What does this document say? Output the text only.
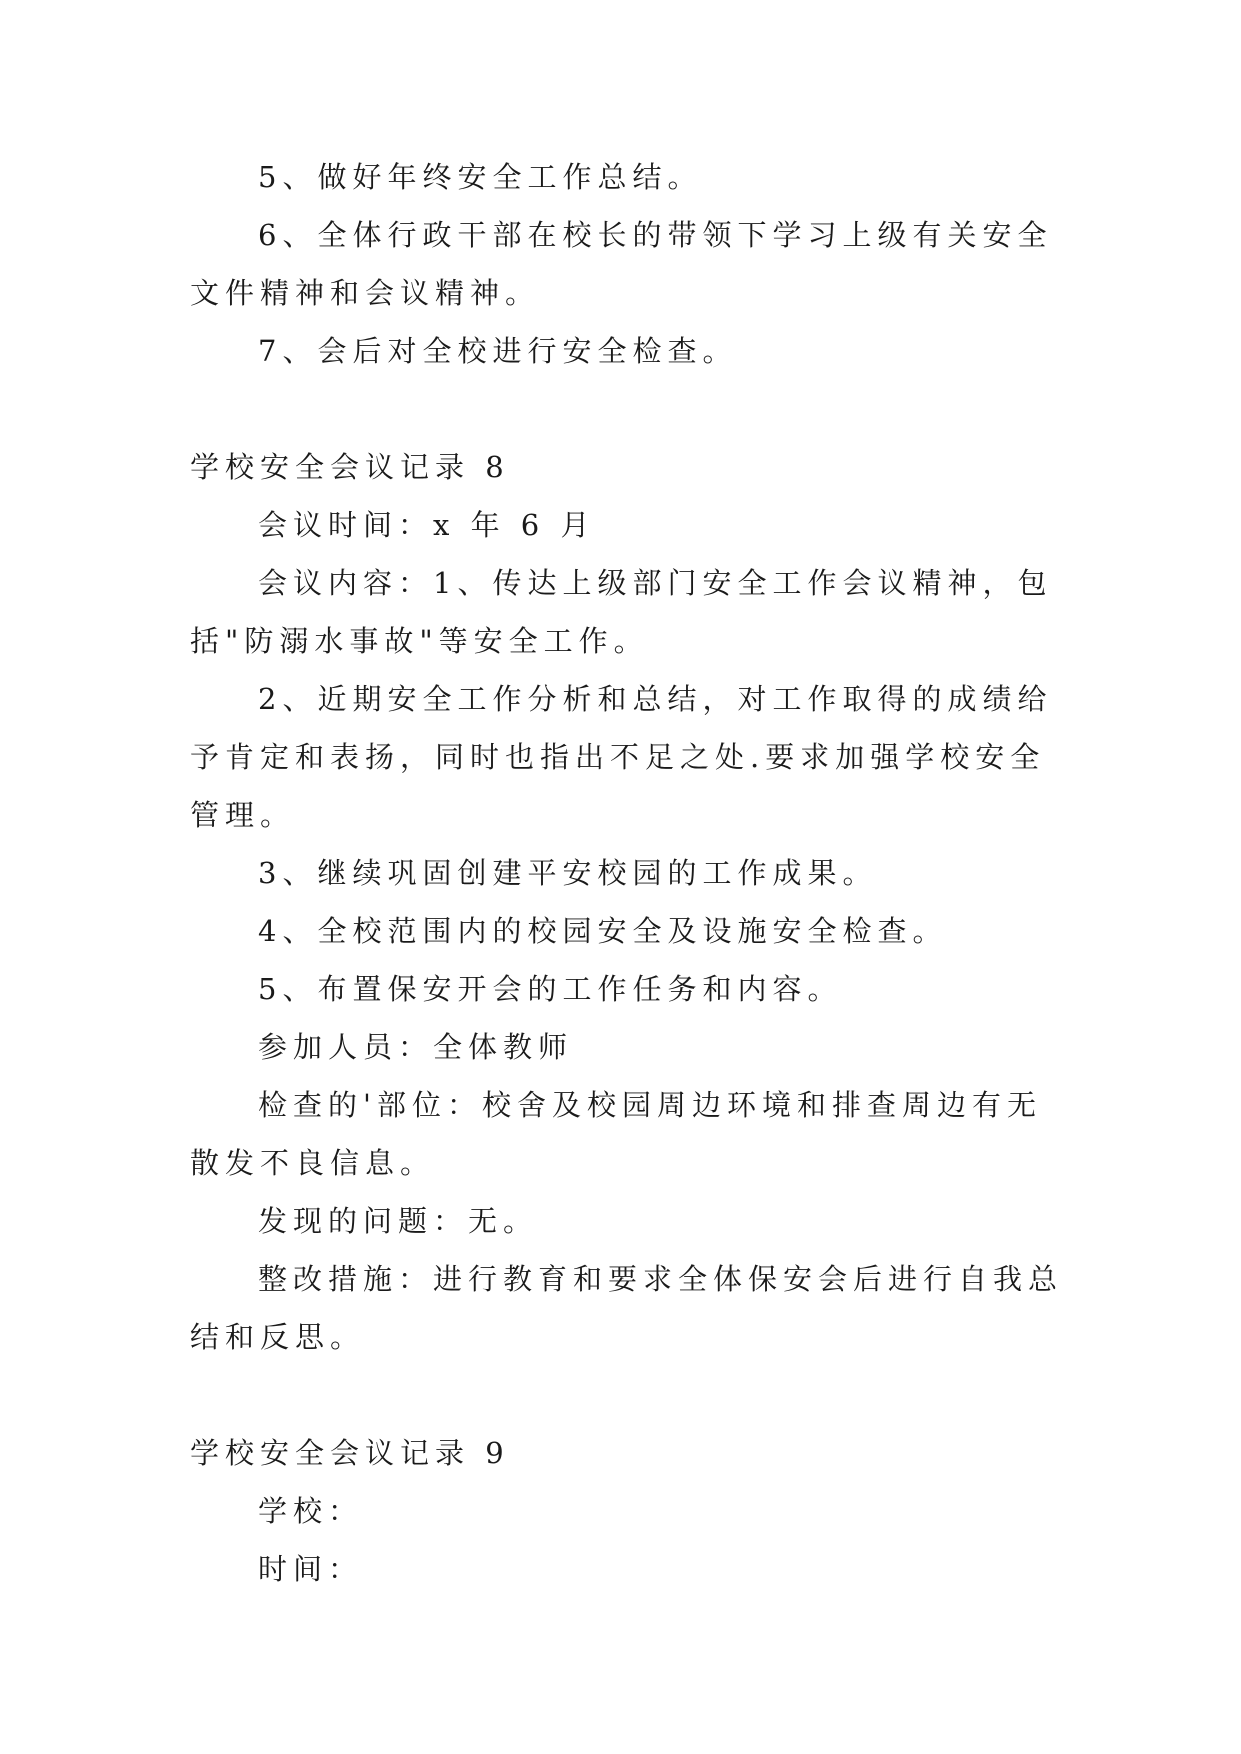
5、做好年终安全工作总结。

6、全体行政干部在校长的带领下学习上级有关安全文件精神和会议精神。

7、会后对全校进行安全检查。

学校安全会议记录 8

会议时间：x 年 6 月

会议内容：1、传达上级部门安全工作会议精神，包括"防溺水事故"等安全工作。

2、近期安全工作分析和总结，对工作取得的成绩给予肯定和表扬，同时也指出不足之处.要求加强学校安全管理。

3、继续巩固创建平安校园的工作成果。

4、全校范围内的校园安全及设施安全检查。

5、布置保安开会的工作任务和内容。

参加人员：全体教师

检查的'部位：校舍及校园周边环境和排查周边有无散发不良信息。

发现的问题：无。

整改措施：进行教育和要求全体保安会后进行自我总结和反思。

学校安全会议记录 9

学校：

时间：
